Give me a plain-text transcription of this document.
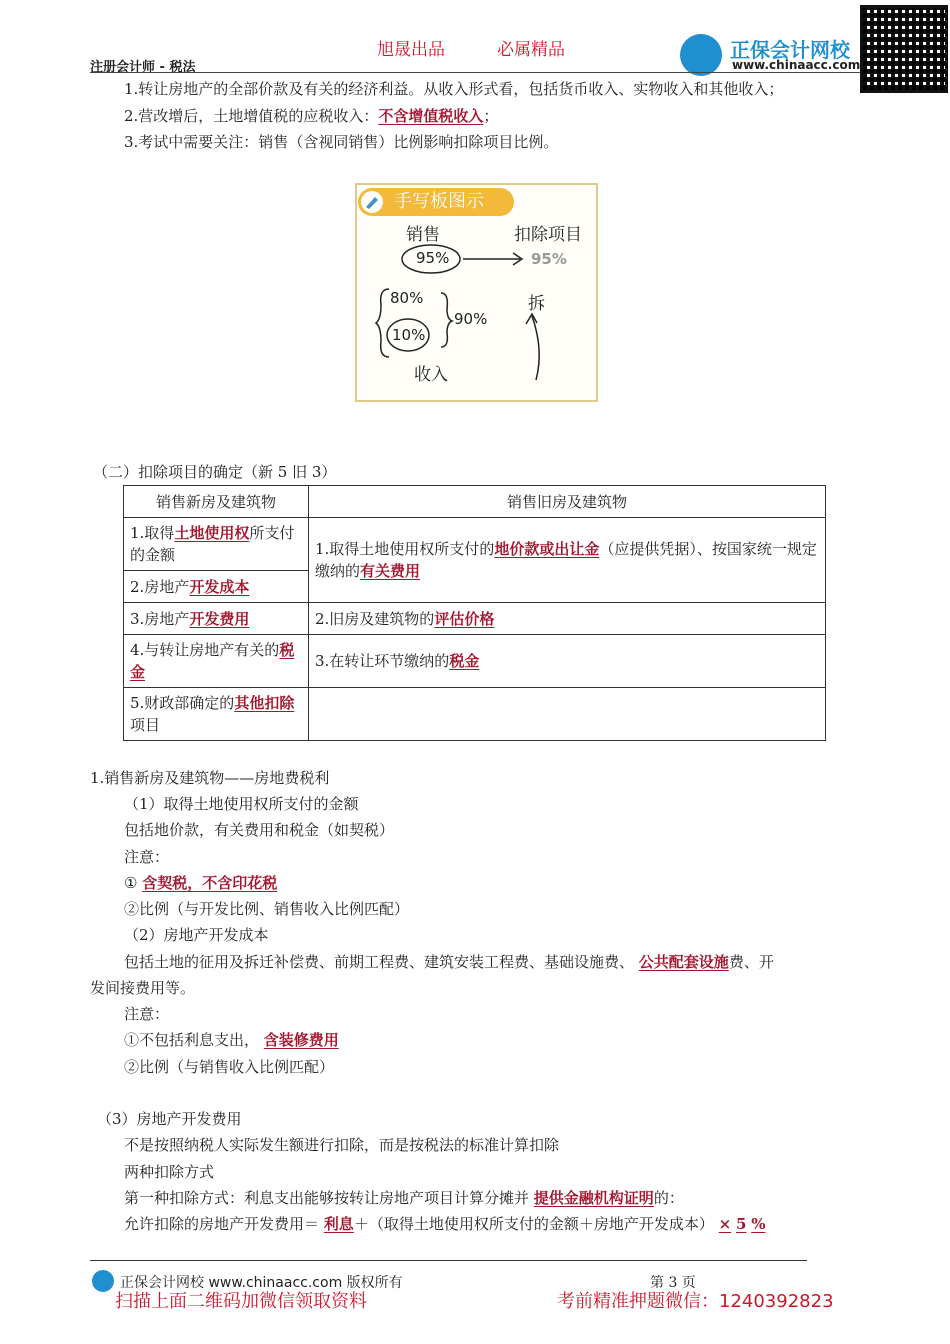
旭晟出品	必属精品
注册会计师 - 税法
正保会计网校
www.chinaacc.com
1.转让房地产的全部价款及有关的经济利益。从收入形式看，包括货币收入、实物收入和其他收入；
2.营改增后，土地增值税的应税收入：不含增值税收入；
3.考试中需要关注：销售（含视同销售）比例影响扣除项目比例。
手写板图示
销售	扣除项目
95%	95%
80%
10%
90%
拆
收入
（二）扣除项目的确定（新 5 旧 3）
销售新房及建筑物	销售旧房及建筑物
1.取得土地使用权所支付的金额	1.取得土地使用权所支付的地价款或出让金（应提供凭据）、按国家统一规定缴纳的有关费用
2.房地产开发成本	
3.房地产开发费用	2.旧房及建筑物的评估价格
4.与转让房地产有关的税金	3.在转让环节缴纳的税金
5.财政部确定的其他扣除项目	
1.销售新房及建筑物——房地费税利
（1）取得土地使用权所支付的金额
包括地价款，有关费用和税金（如契税）
注意：
① 含契税，不含印花税
②比例（与开发比例、销售收入比例匹配）
（2）房地产开发成本
包括土地的征用及拆迁补偿费、前期工程费、建筑安装工程费、基础设施费、 公共配套设施费、开
发间接费用等。
注意：
①不包括利息支出， 含装修费用
②比例（与销售收入比例匹配）
（3）房地产开发费用
不是按照纳税人实际发生额进行扣除，而是按税法的标准计算扣除
两种扣除方式
第一种扣除方式：利息支出能够按转让房地产项目计算分摊并 提供金融机构证明的：
允许扣除的房地产开发费用＝ 利息＋（取得土地使用权所支付的金额＋房地产开发成本） × 5 %
正保会计网校 www.chinaacc.com 版权所有	第 3 页
扫描上面二维码加微信领取资料	考前精准押题微信：1240392823
